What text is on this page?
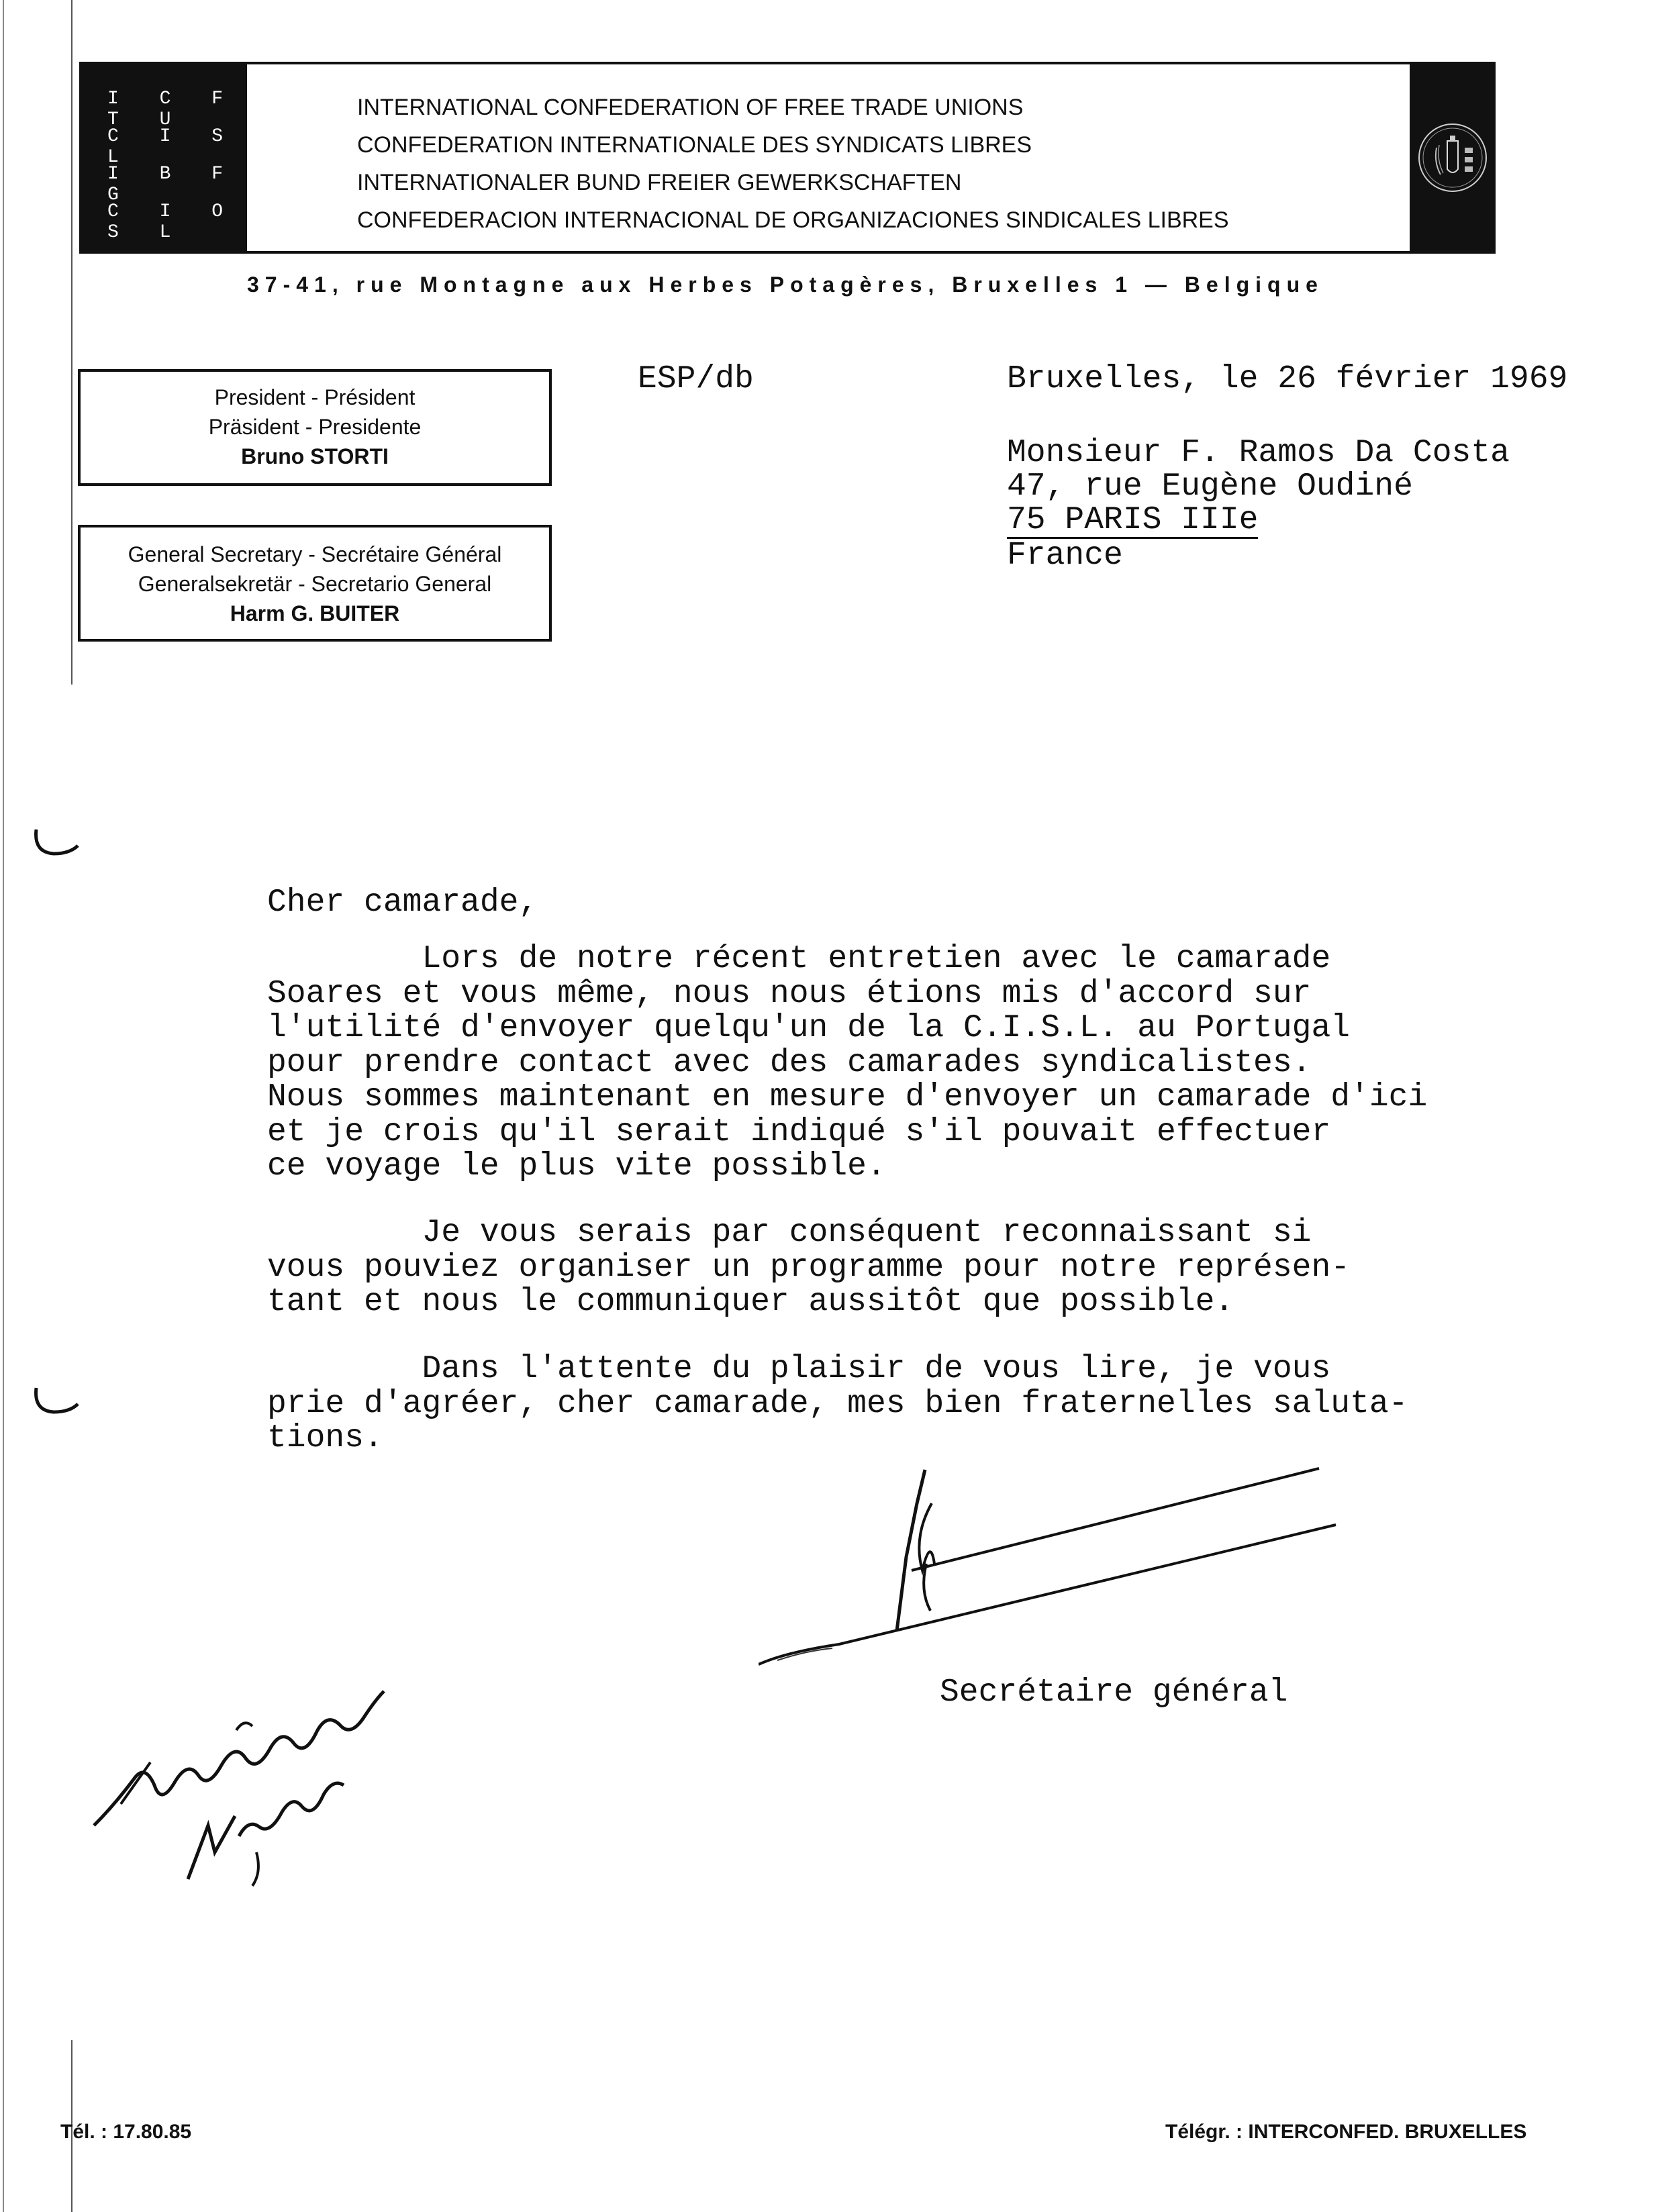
I C F T U
C I S L
I B F G
C I O S L
INTERNATIONAL CONFEDERATION OF FREE TRADE UNIONS
CONFEDERATION INTERNATIONALE DES SYNDICATS LIBRES
INTERNATIONALER BUND FREIER GEWERKSCHAFTEN
CONFEDERACION INTERNACIONAL DE ORGANIZACIONES SINDICALES LIBRES
37-41, rue Montagne aux Herbes Potagères, Bruxelles 1 — Belgique
President - Président
Präsident - Presidente
Bruno STORTI
General Secretary - Secrétaire Général
Generalsekretär - Secretario General
Harm G. BUITER
ESP/db	Bruxelles, le 26 février 1969
Monsieur F. Ramos Da Costa
47, rue Eugène Oudiné
75 PARIS IIIe
France
Cher camarade,
Lors de notre récent entretien avec le camarade
Soares et vous même, nous nous étions mis d'accord sur
l'utilité d'envoyer quelqu'un de la C.I.S.L. au Portugal
pour prendre contact avec des camarades syndicalistes.
Nous sommes maintenant en mesure d'envoyer un camarade d'ici
et je crois qu'il serait indiqué s'il pouvait effectuer
ce voyage le plus vite possible.
Je vous serais par conséquent reconnaissant si
vous pouviez organiser un programme pour notre représen-
tant et nous le communiquer aussitôt que possible.
Dans l'attente du plaisir de vous lire, je vous
prie d'agréer, cher camarade, mes bien fraternelles saluta-
tions.
Secrétaire général
Tél. : 17.80.85	Télégr. : INTERCONFED. BRUXELLES
